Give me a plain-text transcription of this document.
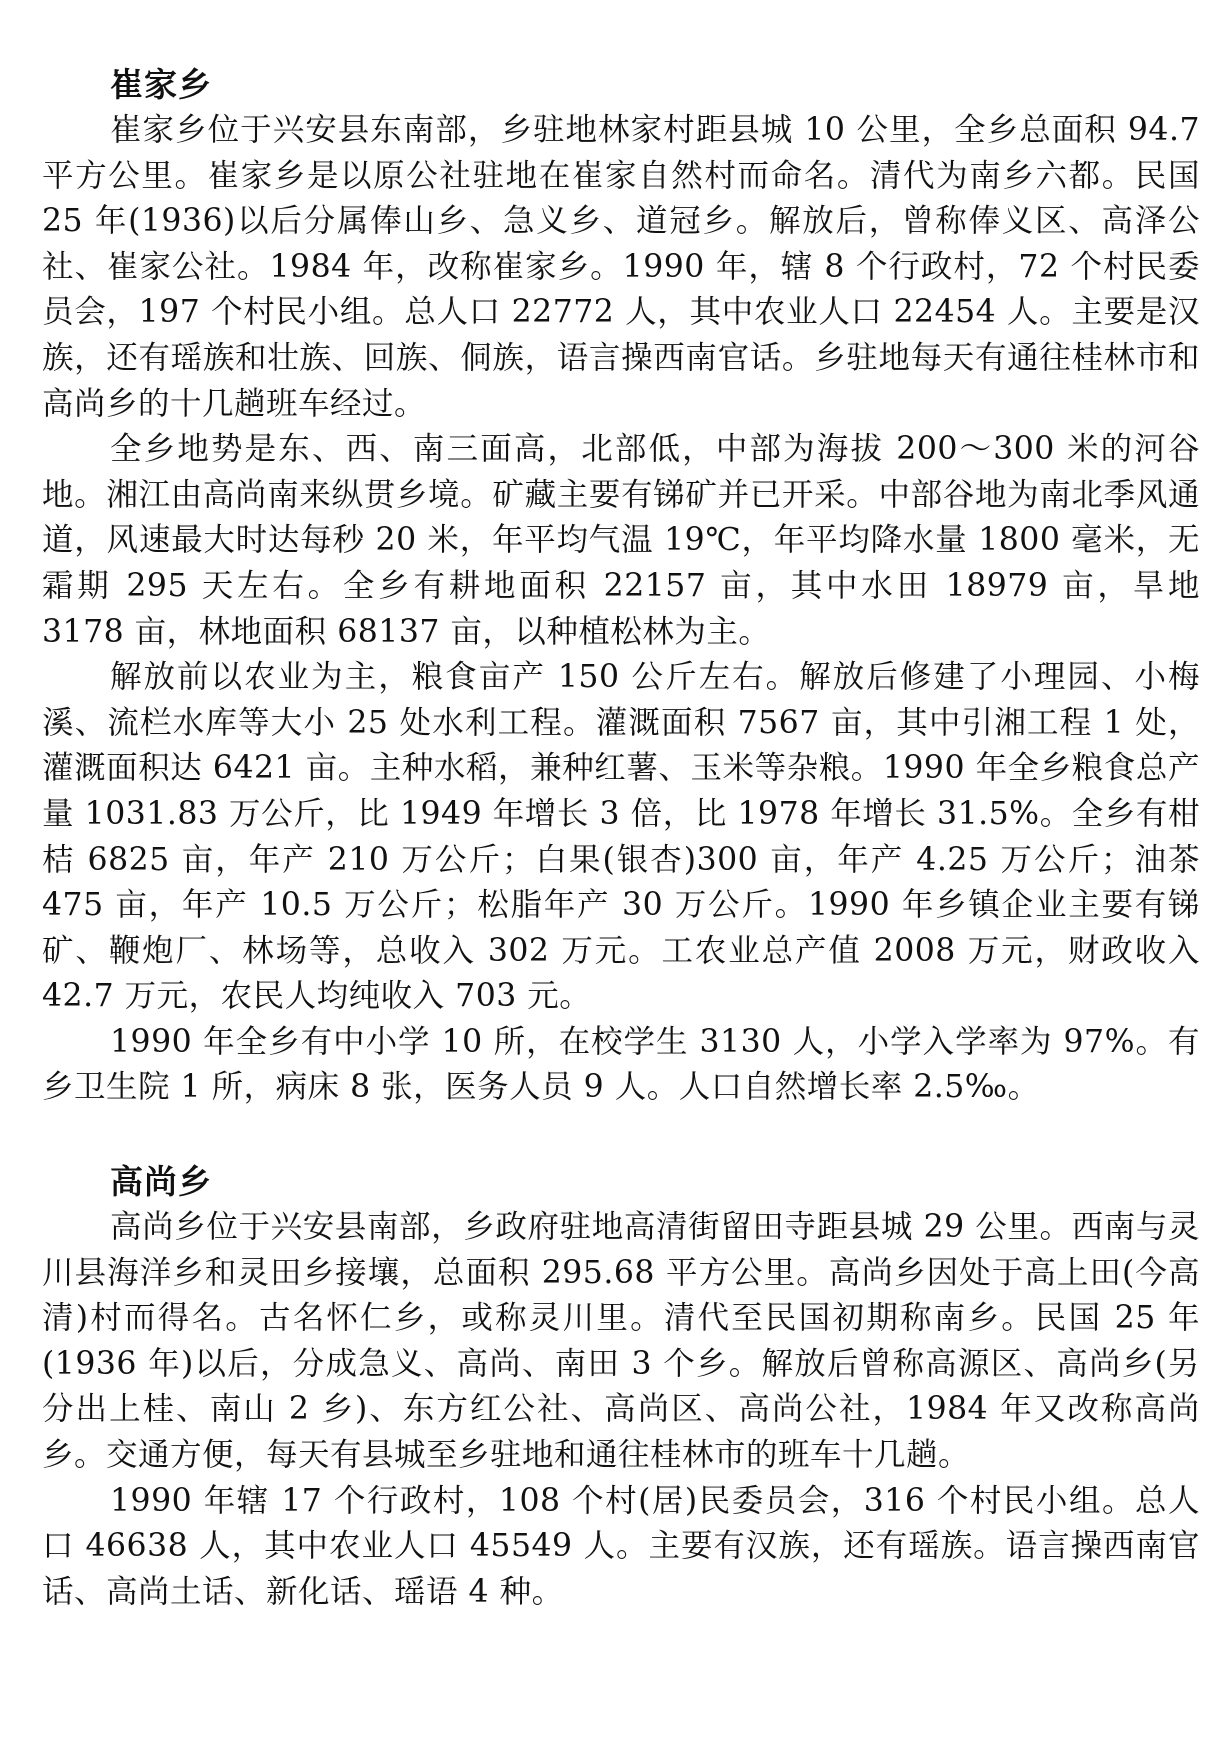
崔家乡

崔家乡位于兴安县东南部，乡驻地林家村距县城 10 公里，全乡总面积 94.7 平方公里。崔家乡是以原公社驻地在崔家自然村而命名。清代为南乡六都。民国 25 年(1936)以后分属俸山乡、急义乡、道冠乡。解放后，曾称俸义区、高泽公社、崔家公社。1984 年，改称崔家乡。1990 年，辖 8 个行政村，72 个村民委员会，197 个村民小组。总人口 22772 人，其中农业人口 22454 人。主要是汉族，还有瑶族和壮族、回族、侗族，语言操西南官话。乡驻地每天有通往桂林市和高尚乡的十几趟班车经过。

全乡地势是东、西、南三面高，北部低，中部为海拔 200～300 米的河谷地。湘江由高尚南来纵贯乡境。矿藏主要有锑矿并已开采。中部谷地为南北季风通道，风速最大时达每秒 20 米，年平均气温 19℃，年平均降水量 1800 毫米，无霜期 295 天左右。全乡有耕地面积 22157 亩，其中水田 18979 亩，旱地 3178 亩，林地面积 68137 亩，以种植松林为主。

解放前以农业为主，粮食亩产 150 公斤左右。解放后修建了小理园、小梅溪、流栏水库等大小 25 处水利工程。灌溉面积 7567 亩，其中引湘工程 1 处，灌溉面积达 6421 亩。主种水稻，兼种红薯、玉米等杂粮。1990 年全乡粮食总产量 1031.83 万公斤，比 1949 年增长 3 倍，比 1978 年增长 31.5%。全乡有柑桔 6825 亩，年产 210 万公斤；白果(银杏)300 亩，年产 4.25 万公斤；油茶 475 亩，年产 10.5 万公斤；松脂年产 30 万公斤。1990 年乡镇企业主要有锑矿、鞭炮厂、林场等，总收入 302 万元。工农业总产值 2008 万元，财政收入 42.7 万元，农民人均纯收入 703 元。

1990 年全乡有中小学 10 所，在校学生 3130 人，小学入学率为 97%。有乡卫生院 1 所，病床 8 张，医务人员 9 人。人口自然增长率 2.5‰。

高尚乡

高尚乡位于兴安县南部，乡政府驻地高清街留田寺距县城 29 公里。西南与灵川县海洋乡和灵田乡接壤，总面积 295.68 平方公里。高尚乡因处于高上田(今高清)村而得名。古名怀仁乡，或称灵川里。清代至民国初期称南乡。民国 25 年(1936 年)以后，分成急义、高尚、南田 3 个乡。解放后曾称高源区、高尚乡(另分出上桂、南山 2 乡)、东方红公社、高尚区、高尚公社，1984 年又改称高尚乡。交通方便，每天有县城至乡驻地和通往桂林市的班车十几趟。

1990 年辖 17 个行政村，108 个村(居)民委员会，316 个村民小组。总人口 46638 人，其中农业人口 45549 人。主要有汉族，还有瑶族。语言操西南官话、高尚土话、新化话、瑶语 4 种。
